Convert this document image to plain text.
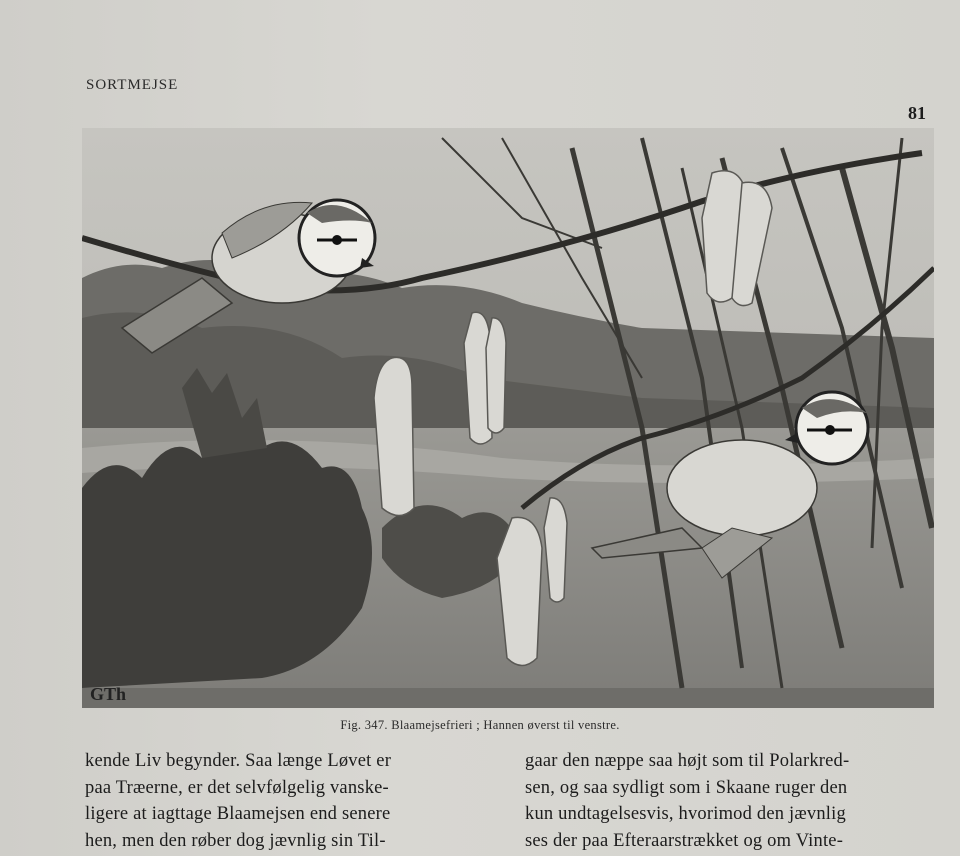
SORTMEJSE
81
GTh
Fig. 347. Blaamejsefrieri ; Hannen øverst til venstre.
kende Liv begynder. Saa længe Løvet er
paa Træerne, er det selvfølgelig vanske-
ligere at iagttage Blaamejsen end senere
hen, men den røber dog jævnlig sin Til-
gaar den næppe saa højt som til Polarkred-
sen, og saa sydligt som i Skaane ruger den
kun undtagelsesvis, hvorimod den jævnlig
ses der paa Efteraarstrækket og om Vinte-
